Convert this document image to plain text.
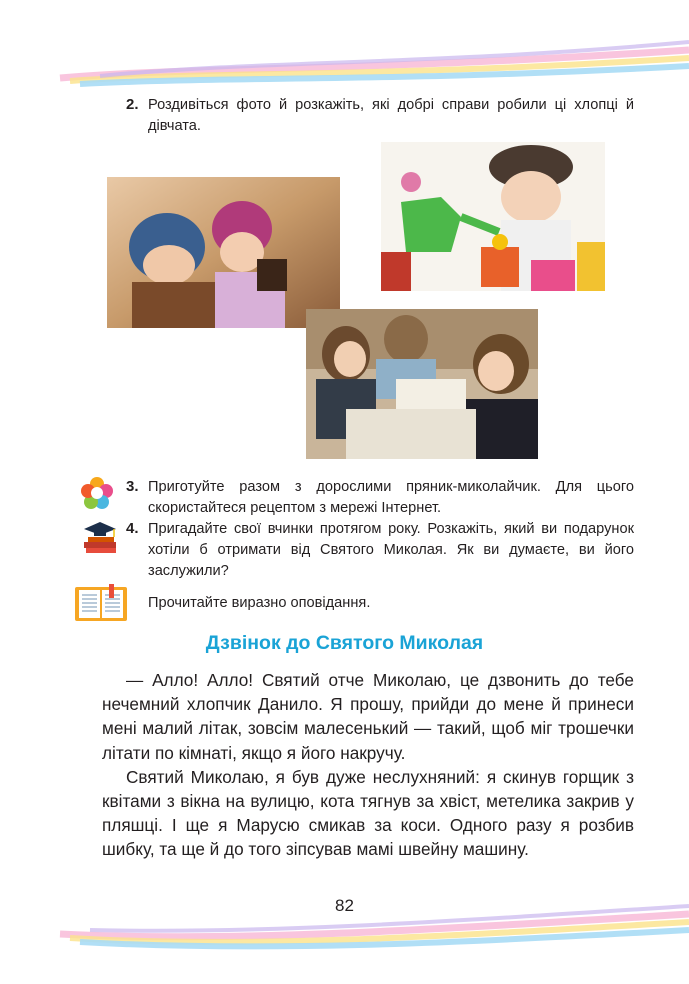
2. Роздивіться фото й розкажіть, які добрі справи робили ці хлопці й дівчата.
3. Приготуйте разом з дорослими пряник-миколайчик. Для цього скористайтеся рецептом з мережі Інтернет.
4. Пригадайте свої вчинки протягом року. Розкажіть, який ви подарунок хотіли б отримати від Святого Миколая. Як ви думаєте, ви його заслужили?
Прочитайте виразно оповідання.
Дзвінок до Святого Миколая

— Алло! Алло! Святий отче Миколаю, це дзвонить до тебе нечемний хлопчик Данило. Я прошу, прийди до мене й принеси мені малий літак, зовсім малесенький — такий, щоб міг трошечки літати по кімнаті, якщо я його накручу.

Святий Миколаю, я був дуже неслухняний: я скинув горщик з квітами з вікна на вулицю, кота тягнув за хвіст, метелика закрив у пляшці. І ще я Марусю смикав за коси. Одного разу я розбив шибку, та ще й до того зіпсував мамі швейну машину.

82
